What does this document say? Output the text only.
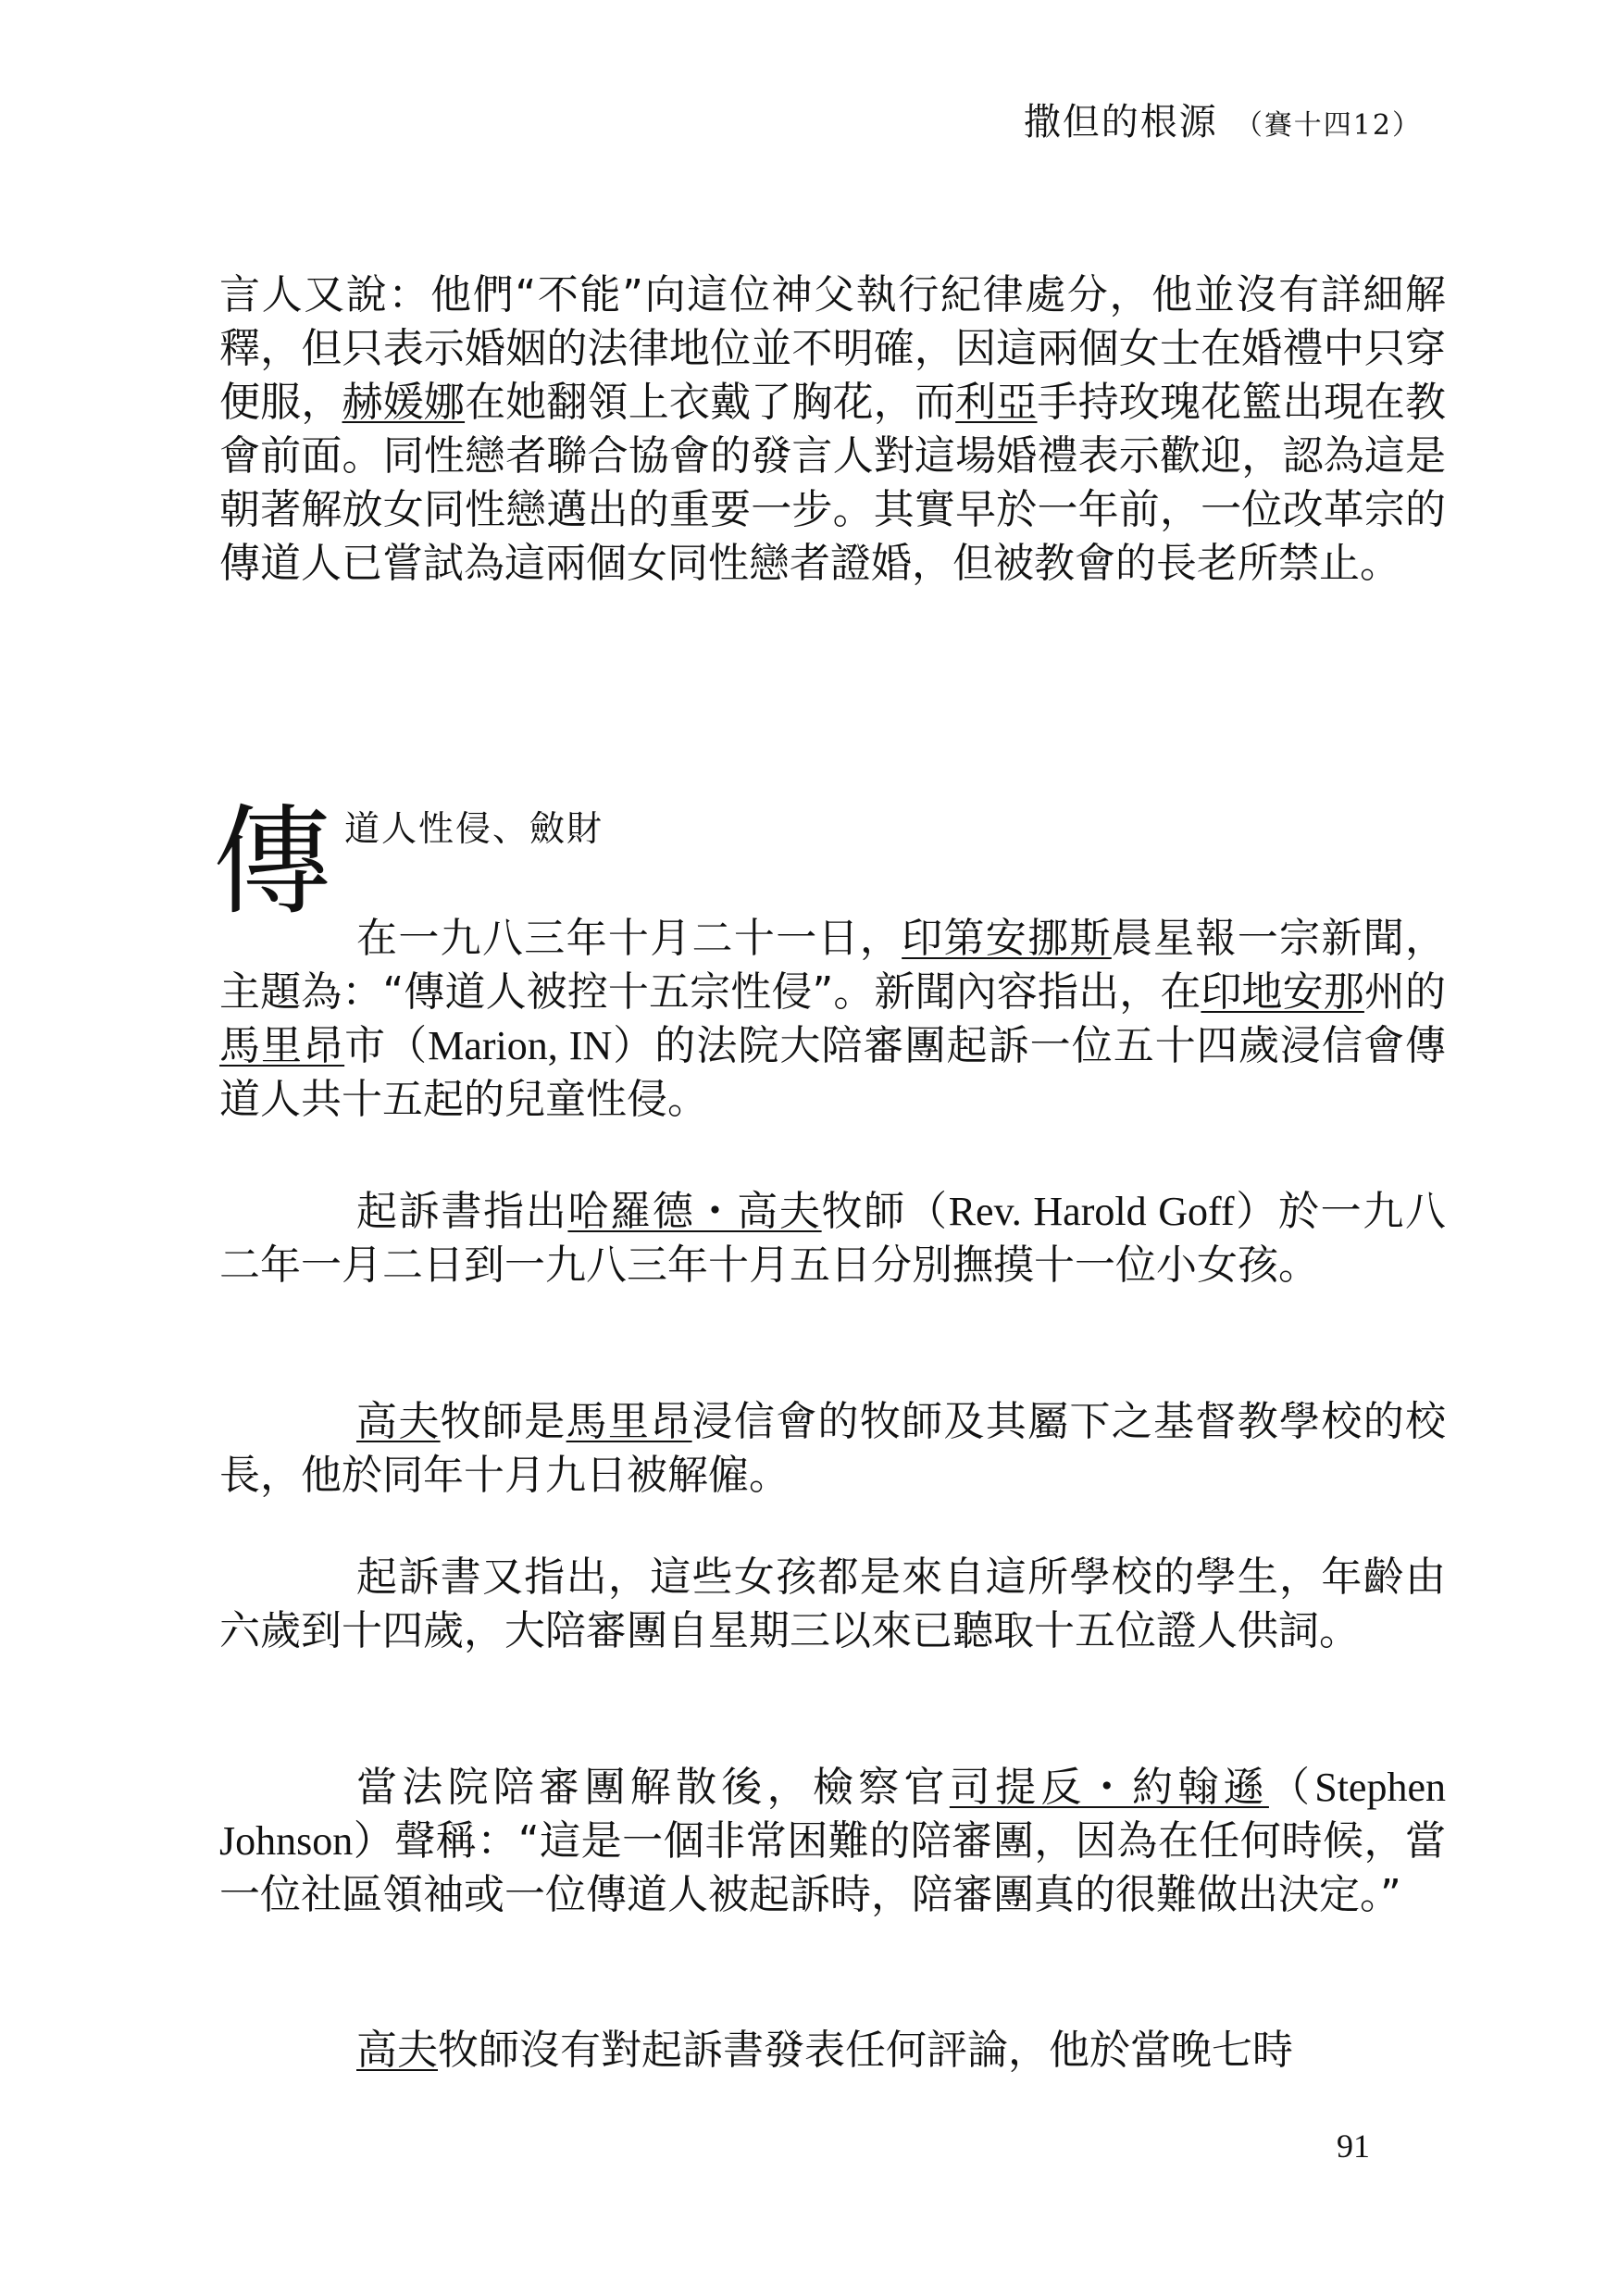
撒但的根源 （賽十四12）

言人又說：他們“不能”向這位神父執行紀律處分，他並沒有詳細解釋，但只表示婚姻的法律地位並不明確，因這兩個女士在婚禮中只穿便服，赫媛娜在她翻領上衣戴了胸花，而利亞手持玫瑰花籃出現在教會前面。同性戀者聯合協會的發言人對這場婚禮表示歡迎，認為這是朝著解放女同性戀邁出的重要一步。其實早於一年前，一位改革宗的傳道人已嘗試為這兩個女同性戀者證婚，但被教會的長老所禁止。

傳 道人性侵、斂財

在一九八三年十月二十一日，印第安挪斯晨星報一宗新聞，主題為：“傳道人被控十五宗性侵”。新聞內容指出，在印地安那州的馬里昂市（Marion, IN）的法院大陪審團起訴一位五十四歲浸信會傳道人共十五起的兒童性侵。

起訴書指出哈羅德・高夫牧師（Rev. Harold Goff）於一九八二年一月二日到一九八三年十月五日分別撫摸十一位小女孩。

高夫牧師是馬里昂浸信會的牧師及其屬下之基督教學校的校長，他於同年十月九日被解僱。

起訴書又指出，這些女孩都是來自這所學校的學生，年齡由六歲到十四歲，大陪審團自星期三以來已聽取十五位證人供詞。

當法院陪審團解散後，檢察官司提反・約翰遜（Stephen Johnson）聲稱：“這是一個非常困難的陪審團，因為在任何時候，當一位社區領袖或一位傳道人被起訴時，陪審團真的很難做出決定。”

高夫牧師沒有對起訴書發表任何評論，他於當晚七時

91
